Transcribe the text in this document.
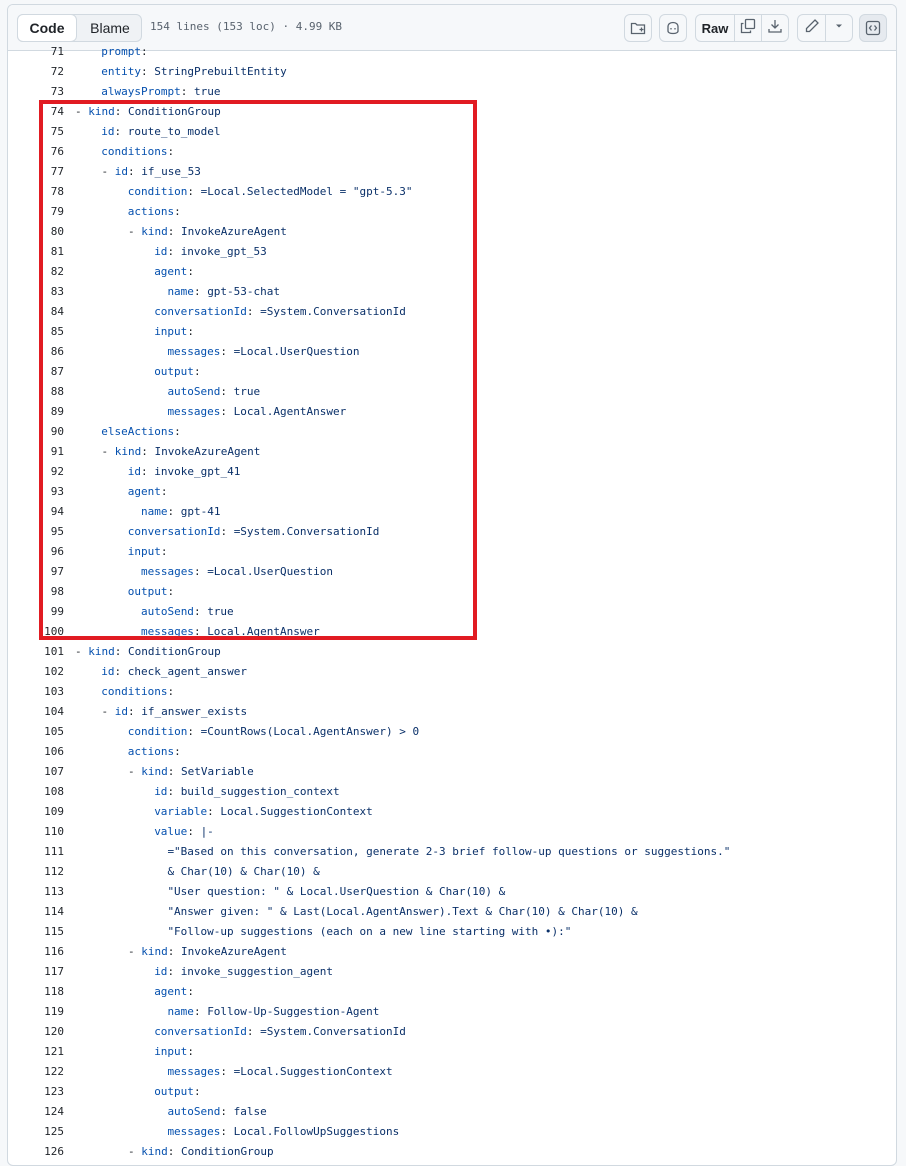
Code	Blame	154 lines (153 loc) · 4.99 KB	Raw
71	prompt:
72	entity: StringPrebuiltEntity
73	alwaysPrompt: true
74 - kind: ConditionGroup
75	id: route_to_model
76	conditions:
77	- id: if_use_53
78	condition: =Local.SelectedModel = "gpt-5.3"
79	actions:
80	- kind: InvokeAzureAgent
81	id: invoke_gpt_53
82	agent:
83	name: gpt-53-chat
84	conversationId: =System.ConversationId
85	input:
86	messages: =Local.UserQuestion
87	output:
88	autoSend: true
89	messages: Local.AgentAnswer
90	elseActions:
91	- kind: InvokeAzureAgent
92	id: invoke_gpt_41
93	agent:
94	name: gpt-41
95	conversationId: =System.ConversationId
96	input:
97	messages: =Local.UserQuestion
98	output:
99	autoSend: true
100	messages: Local.AgentAnswer
101 - kind: ConditionGroup
102	id: check_agent_answer
103	conditions:
104	- id: if_answer_exists
105	condition: =CountRows(Local.AgentAnswer) > 0
106	actions:
107	- kind: SetVariable
108	id: build_suggestion_context
109	variable: Local.SuggestionContext
110	value: |-
111	="Based on this conversation, generate 2-3 brief follow-up questions or suggestions."
112	& Char(10) & Char(10) &
113	"User question: " & Local.UserQuestion & Char(10) &
114	"Answer given: " & Last(Local.AgentAnswer).Text & Char(10) & Char(10) &
115	"Follow-up suggestions (each on a new line starting with •):"
116	- kind: InvokeAzureAgent
117	id: invoke_suggestion_agent
118	agent:
119	name: Follow-Up-Suggestion-Agent
120	conversationId: =System.ConversationId
121	input:
122	messages: =Local.SuggestionContext
123	output:
124	autoSend: false
125	messages: Local.FollowUpSuggestions
126	- kind: ConditionGroup
